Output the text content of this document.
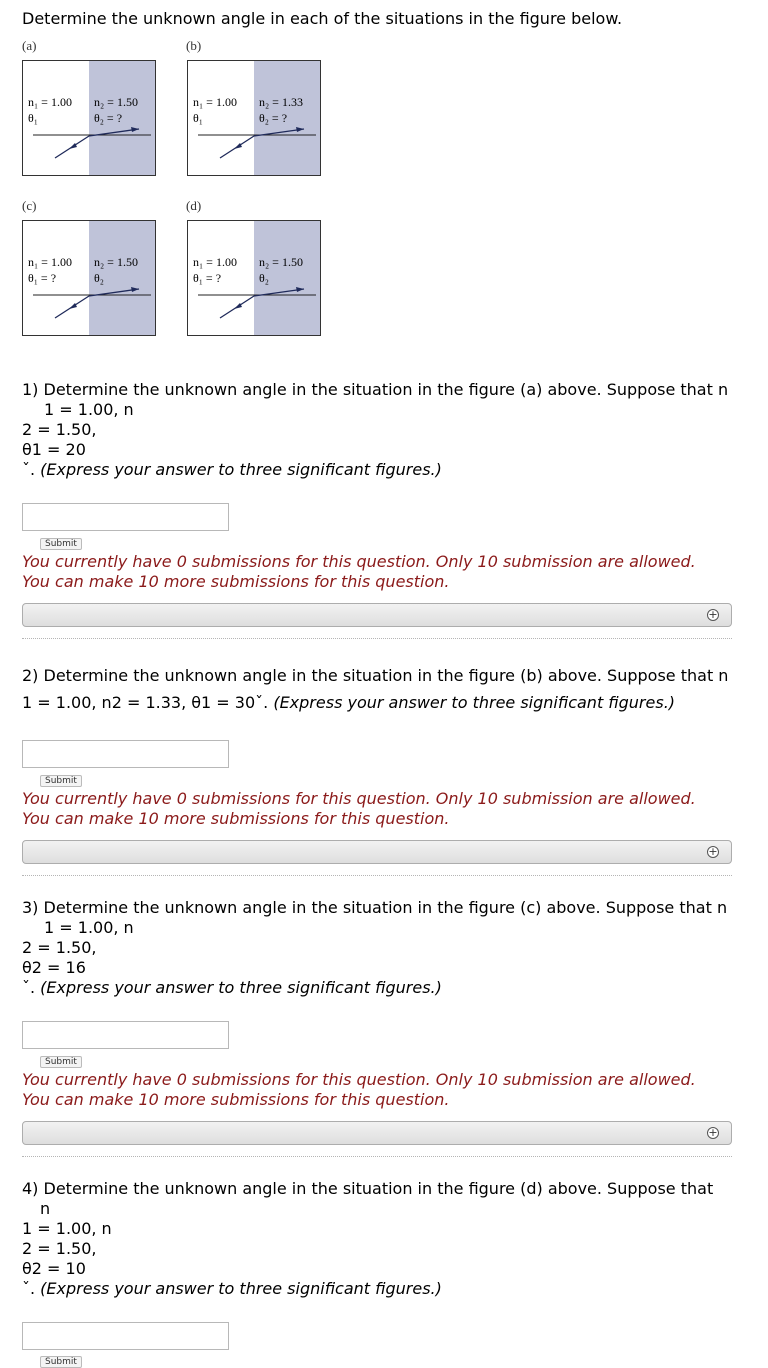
Determine the unknown angle in each of the situations in the figure below.
(a)	(b)
(c)	(d)
n₁ = 1.00 n₂ = 1.50
θ₁	θ₂ = ?
n₁ = 1.00 n₂ = 1.33
θ₁	θ₂ = ?
n₁ = 1.00 n₂ = 1.50
θ₁ = ?	θ₂
n₁ = 1.00 n₂ = 1.50
θ₁ = ?	θ₂
1) Determine the unknown angle in the situation in the figure (a) above. Suppose that n
1 = 1.00, n
2 = 1.50,
θ1 = 20
ˇ. (Express your answer to three significant figures.)
Submit
You currently have 0 submissions for this question. Only 10 submission are allowed.
You can make 10 more submissions for this question.
+
2) Determine the unknown angle in the situation in the figure (b) above. Suppose that n
1 = 1.00, n2 = 1.33, θ1 = 30ˇ. (Express your answer to three significant figures.)
Submit
You currently have 0 submissions for this question. Only 10 submission are allowed.
You can make 10 more submissions for this question.
+
3) Determine the unknown angle in the situation in the figure (c) above. Suppose that n
1 = 1.00, n
2 = 1.50,
θ2 = 16
ˇ. (Express your answer to three significant figures.)
Submit
You currently have 0 submissions for this question. Only 10 submission are allowed.
You can make 10 more submissions for this question.
+
4) Determine the unknown angle in the situation in the figure (d) above. Suppose that
n
1 = 1.00, n
2 = 1.50,
θ2 = 10
ˇ. (Express your answer to three significant figures.)
Submit
